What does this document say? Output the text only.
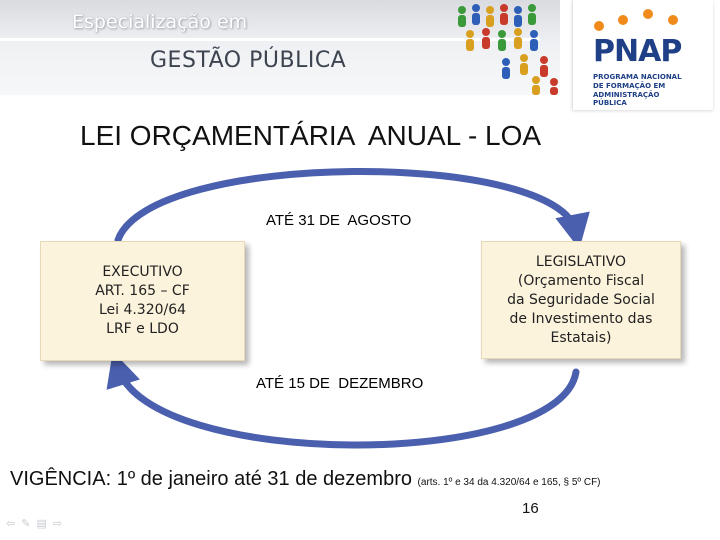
Especialização em
GESTÃO PÚBLICA	PNAP
PROGRAMA NACIONAL
DE FORMAÇÃO EM
ADMINISTRAÇÃO PÚBLICA
LEI ORÇAMENTÁRIA  ANUAL - LOA
ATÉ 31 DE  AGOSTO
ATÉ 15 DE  DEZEMBRO
EXECUTIVO
ART. 165 – CF
Lei 4.320/64
LRF e LDO
LEGISLATIVO
(Orçamento Fiscal
da Seguridade Social
de Investimento das
Estatais)
VIGÊNCIA: 1º de janeiro até 31 de dezembro (arts. 1º e 34 da 4.320/64 e 165, § 5º CF)
16
⇦✎▤⇨
